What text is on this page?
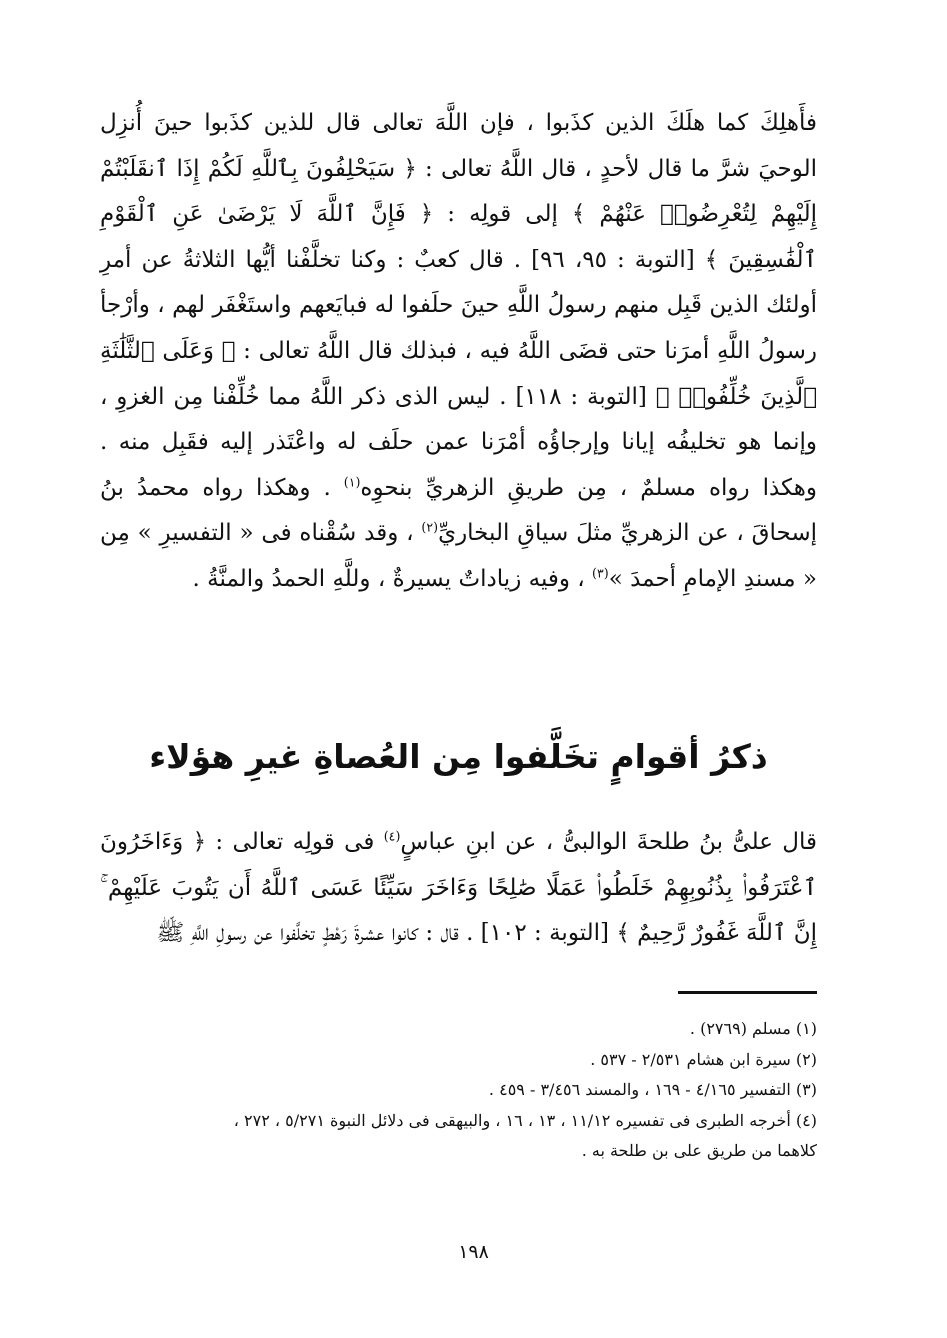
فأَهلِكَ كما هلَكَ الذين كذَبوا ، فإن اللَّهَ تعالى قال للذين كذَبوا حينَ أُنزِل الوحيَ شرَّ ما قال لأحدٍ ، قال اللَّهُ تعالى : ﴿ سَيَحْلِفُونَ بِٱللَّهِ لَكُمْ إِذَا ٱنقَلَبْتُمْ إِلَيْهِمْ لِتُعْرِضُوا۟ عَنْهُمْ ﴾ إلى قولِه : ﴿ فَإِنَّ ٱللَّهَ لَا يَرْضَىٰ عَنِ ٱلْقَوْمِ ٱلْفَٰسِقِينَ ﴾ [التوبة : ٩٥، ٩٦] . قال كعبٌ : وكنا تخلَّفْنا أيُّها الثلاثةُ عن أمرِ أولئك الذين قَبِل منهم رسولُ اللَّهِ حينَ حلَفوا له فبايَعهم واستَغْفَر لهم ، وأرْجأ رسولُ اللَّهِ أمرَنا حتى قضَى اللَّهُ فيه ، فبذلك قال اللَّهُ تعالى : ﴿ وَعَلَى ٱلثَّلَٰثَةِ ٱلَّذِينَ خُلِّفُوا۟ ﴾ [التوبة : ١١٨] . ليس الذى ذكر اللَّهُ مما خُلِّفْنا مِن الغزوِ ، وإنما هو تخليفُه إيانا وإرجاؤُه أمْرَنا عمن حلَف له واعْتَذر إليه فقَبِل منه . وهكذا رواه مسلمٌ ، مِن طريقِ الزهريِّ بنحوِه$^{(١)}$ . وهكذا رواه محمدُ بنُ إسحاقَ ، عن الزهريِّ مثلَ سياقِ البخاريِّ$^{(٢)}$ ، وقد سُقْناه فى « التفسيرِ » مِن « مسندِ الإمامِ أحمدَ »$^{(٣)}$ ، وفيه زياداتٌ يسيرةٌ ، وللَّهِ الحمدُ والمنَّةُ .

ذكرُ أقوامٍ تخَلَّفوا مِن العُصاةِ غيرِ هؤلاء

قال علىُّ بنُ طلحةَ الوالبىُّ ، عن ابنِ عباسٍ$^{(٤)}$ فى قولِه تعالى : ﴿ وَءَاخَرُونَ ٱعْتَرَفُوا۟ بِذُنُوبِهِمْ خَلَطُوا۟ عَمَلًا صَٰلِحًا وَءَاخَرَ سَيِّئًا عَسَى ٱللَّهُ أَن يَتُوبَ عَلَيْهِمْ ۚ إِنَّ ٱللَّهَ غَفُورٌ رَّحِيمٌ ﴾ [التوبة : ١٠٢] . قال : كانوا عشرةَ رَهْطٍ تخلَّفوا عن رسولِ اللَّهِ ﷺ

(١) مسلم (٢٧٦٩) .

(٢) سيرة ابن هشام ٢/٥٣١ - ٥٣٧ .

(٣) التفسير ٤/١٦٥ - ١٦٩ ، والمسند ٣/٤٥٦ - ٤٥٩ .

(٤) أخرجه الطبرى فى تفسيره ١١/١٢ ، ١٣ ، ١٦ ، والبيهقى فى دلائل النبوة ٥/٢٧١ ، ٢٧٢ ،

كلاهما من طريق على بن طلحة به .

١٩٨
